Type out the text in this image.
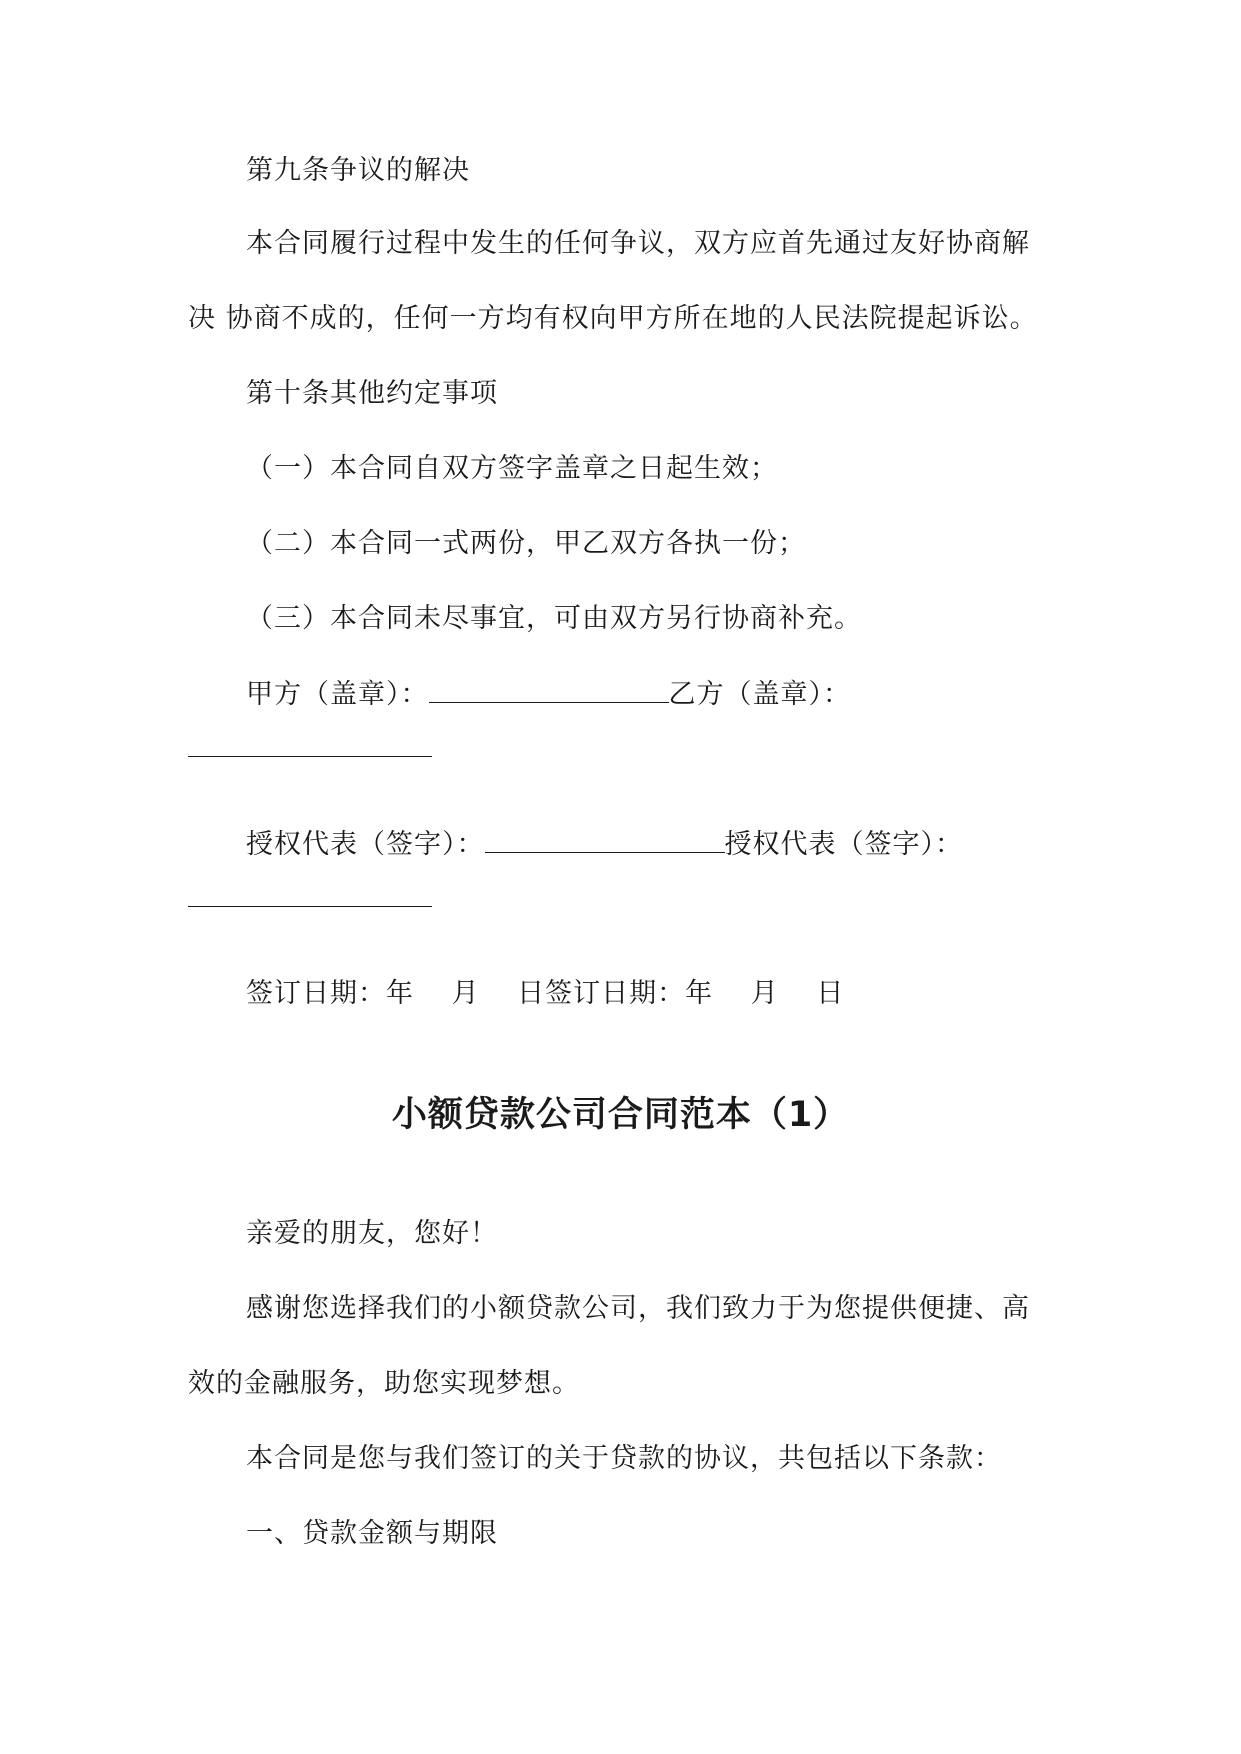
第九条争议的解决
本合同履行过程中发生的任何争议，双方应首先通过友好协商解
决 协商不成的，任何一方均有权向甲方所在地的人民法院提起诉讼。
第十条其他约定事项
（一）本合同自双方签字盖章之日起生效；
（二）本合同一式两份，甲乙双方各执一份；
（三）本合同未尽事宜，可由双方另行协商补充。
甲方（盖章）：	乙方（盖章）：
授权代表（签字）：	授权代表（签字）：
签订日期：年　 月　 日签订日期：年　 月　 日
小额贷款公司合同范本（1）
亲爱的朋友，您好！
感谢您选择我们的小额贷款公司，我们致力于为您提供便捷、高
效的金融服务，助您实现梦想。
本合同是您与我们签订的关于贷款的协议，共包括以下条款：
一、贷款金额与期限
